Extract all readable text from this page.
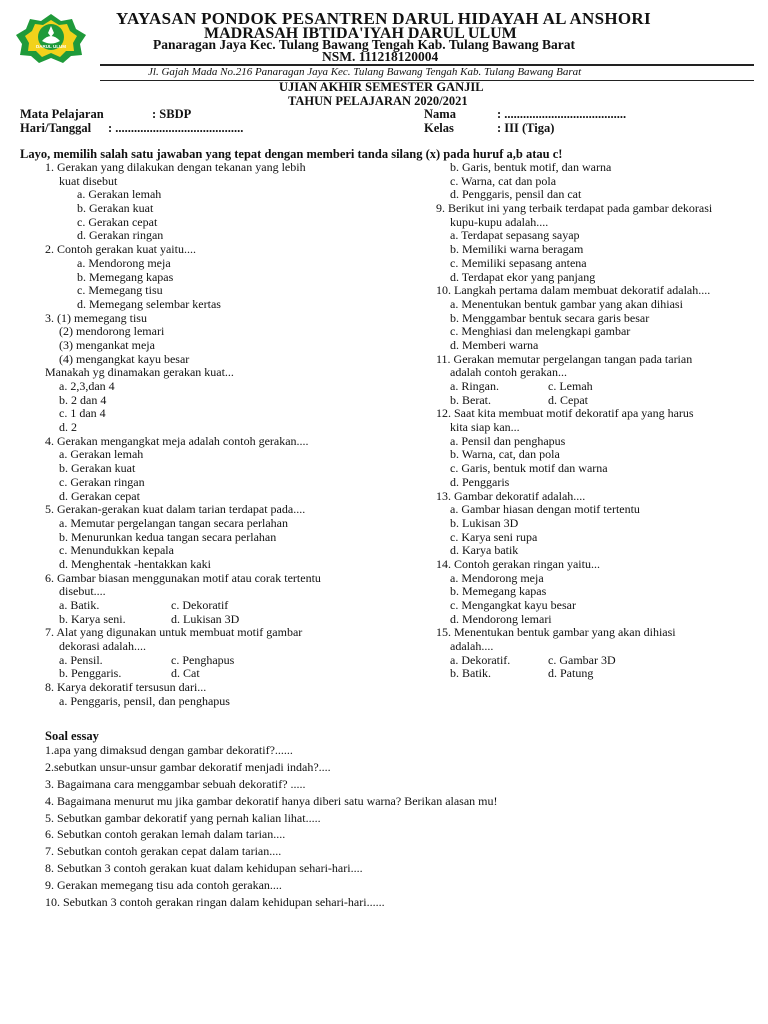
DARUL ULUM
YAYASAN PONDOK PESANTREN DARUL HIDAYAH AL ANSHORI
MADRASAH IBTIDA'IYAH DARUL ULUM
Panaragan Jaya Kec. Tulang Bawang Tengah Kab. Tulang Bawang Barat
NSM. 111218120004
Jl. Gajah Mada No.216 Panaragan Jaya Kec. Tulang Bawang Tengah Kab. Tulang Bawang Barat
UJIAN AKHIR SEMESTER GANJIL
TAHUN PELAJARAN 2020/2021
Mata Pelajaran	: SBDP
Hari/Tanggal : .........................................
Nama	: .......................................
Kelas	: III (Tiga)
Layo, memilih salah satu jawaban yang tepat dengan memberi tanda silang (x) pada huruf a,b atau c!
1. Gerakan yang dilakukan dengan tekanan yang lebih
kuat disebut
a. Gerakan lemah
b. Gerakan kuat
c. Gerakan cepat
d. Gerakan ringan
2. Contoh gerakan kuat yaitu....
a. Mendorong meja
b. Memegang kapas
c. Memegang tisu
d. Memegang selembar kertas
3. (1) memegang tisu
(2) mendorong lemari
(3) mengankat meja
(4) mengangkat kayu besar
Manakah yg dinamakan gerakan kuat...
a. 2,3,dan 4
b. 2 dan 4
c. 1 dan 4
d. 2
4. Gerakan mengangkat meja adalah contoh gerakan....
a. Gerakan lemah
b. Gerakan kuat
c. Gerakan ringan
d. Gerakan cepat
5. Gerakan-gerakan kuat dalam tarian terdapat pada....
a. Memutar pergelangan tangan secara perlahan
b. Menurunkan kedua tangan secara perlahan
c. Menundukkan kepala
d. Menghentak -hentakkan kaki
6. Gambar biasan menggunakan motif atau corak tertentu
disebut....
a. Batik.	c. Dekoratif
b. Karya seni.	d. Lukisan 3D
7. Alat yang digunakan untuk membuat motif gambar
dekorasi adalah....
a. Pensil.	c. Penghapus
b. Penggaris.	d. Cat
8. Karya dekoratif tersusun dari...
a. Penggaris, pensil, dan penghapus
b. Garis, bentuk motif, dan warna
c. Warna, cat dan pola
d. Penggaris, pensil dan cat
9. Berikut ini yang terbaik terdapat pada gambar dekorasi
kupu-kupu adalah....
a. Terdapat sepasang sayap
b. Memiliki warna beragam
c. Memiliki sepasang antena
d. Terdapat ekor yang panjang
10. Langkah pertama dalam membuat dekoratif adalah....
a. Menentukan bentuk gambar yang akan dihiasi
b. Menggambar bentuk secara garis besar
c. Menghiasi dan melengkapi gambar
d. Memberi warna
11. Gerakan memutar pergelangan tangan pada tarian
adalah contoh gerakan...
a. Ringan.	c. Lemah
b. Berat.	d. Cepat
12. Saat kita membuat motif dekoratif apa yang harus
kita siap kan...
a. Pensil dan penghapus
b. Warna, cat, dan pola
c. Garis, bentuk motif dan warna
d. Penggaris
13. Gambar dekoratif adalah....
a. Gambar hiasan dengan motif tertentu
b. Lukisan 3D
c. Karya seni rupa
d. Karya batik
14. Contoh gerakan ringan yaitu...
a. Mendorong meja
b. Memegang kapas
c. Mengangkat kayu besar
d. Mendorong lemari
15. Menentukan bentuk gambar yang akan dihiasi
adalah....
a. Dekoratif.	c. Gambar 3D
b. Batik.	d. Patung
Soal essay
1.apa yang dimaksud dengan gambar dekoratif?......
2.sebutkan unsur-unsur gambar dekoratif menjadi indah?....
3. Bagaimana cara menggambar sebuah dekoratif? .....
4. Bagaimana menurut mu jika gambar dekoratif hanya diberi satu warna? Berikan alasan mu!
5. Sebutkan gambar dekoratif yang pernah kalian lihat.....
6. Sebutkan contoh gerakan lemah dalam tarian....
7. Sebutkan contoh gerakan cepat dalam tarian....
8. Sebutkan 3 contoh gerakan kuat dalam kehidupan sehari-hari....
9. Gerakan memegang tisu ada contoh gerakan....
10. Sebutkan 3 contoh gerakan ringan dalam kehidupan sehari-hari......
